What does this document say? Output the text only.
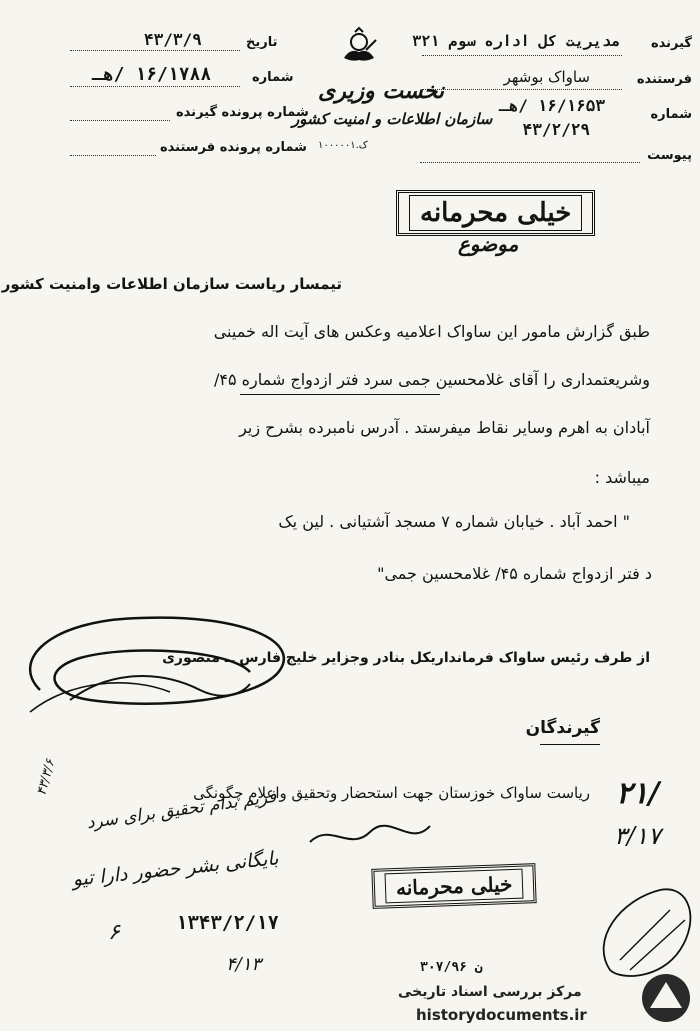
گیرنده
مدیریت کل اداره سوم ۳۲۱
فرستنده
ساواک بوشهر
شماره
۱۶/۱۶۵۳ /هـ
۴۳/۲/۲۹
پیوست
نخست وزیری
سازمان اطلاعات و امنیت کشور
ک.۱۰۰۰۰۰۱
تاریخ
۴۳/۳/۹
شماره
۱۶/۱۷۸۸ /هـ
شماره پرونده گیرنده
شماره پرونده فرستنده
خیلی محرمانه
موضوع
تیمسار ریاست سازمان اطلاعات وامنیت کشور
طبق گزارش مامور این ساواک اعلامیه وعکس های آیت اله خمینی
وشریعتمداری را آقای غلامحسین جمی سرد فتر ازدواج شماره ۴۵/
آبادان به اهرم وسایر نقاط میفرستد . آدرس نامبرده بشرح زیر
میباشد :
" احمد آباد . خیابان شماره ۷ مسجد آشتیانی . لین یک
د فتر ازدواج شماره ۴۵/ غلامحسین جمی"
از طرف رئیس ساواک فرمانداریکل بنادر وجزایر خلیج فارس ــ منصوری
گیرندگان
ریاست ساواک خوزستان جهت استحضار وتحقیق واعلام چگونگی ۲۱/
۳/۱۷
۴۳/۳/۶
فریم بدام تحقیق برای سرد
بایگانی بشر حضور دارا تیو
۱۳۴۳/۲/۱۷
۶
۴/۱۳	۳۰۷/ن ۹۶
خیلی محرمانه
مرکز بررسی اسناد تاریخی
historydocuments.ir
